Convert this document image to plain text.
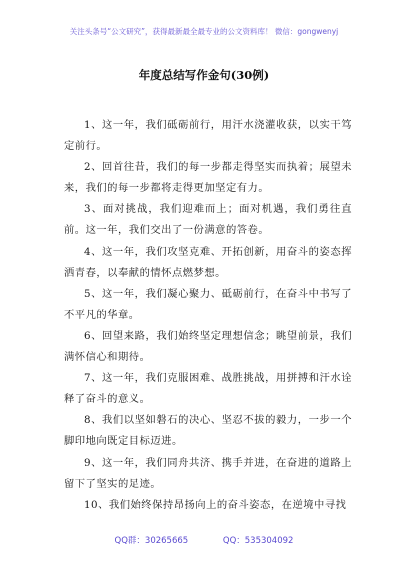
关注头条号“公文研究”，获得最新最全最专业的公文资料库！ 微信：gongwenyj
年度总结写作金句(30例)

1、这一年，我们砥砺前行，用汗水浇灌收获，以实干笃定前行。

2、回首往昔，我们的每一步都走得坚实而执着；展望未来，我们的每一步都将走得更加坚定有力。

3、面对挑战，我们迎难而上；面对机遇，我们勇往直前。这一年，我们交出了一份满意的答卷。

4、这一年，我们攻坚克难、开拓创新，用奋斗的姿态挥洒青春，以奉献的情怀点燃梦想。

5、这一年，我们凝心聚力、砥砺前行，在奋斗中书写了不平凡的华章。

6、回望来路，我们始终坚定理想信念；眺望前景，我们满怀信心和期待。

7、这一年，我们克服困难、战胜挑战，用拼搏和汗水诠释了奋斗的意义。

8、我们以坚如磐石的决心、坚忍不拔的毅力，一步一个脚印地向既定目标迈进。

9、这一年，我们同舟共济、携手并进，在奋进的道路上留下了坚实的足迹。

10、我们始终保持昂扬向上的奋斗姿态，在逆境中寻找

QQ群：30265665	QQ：535304092
